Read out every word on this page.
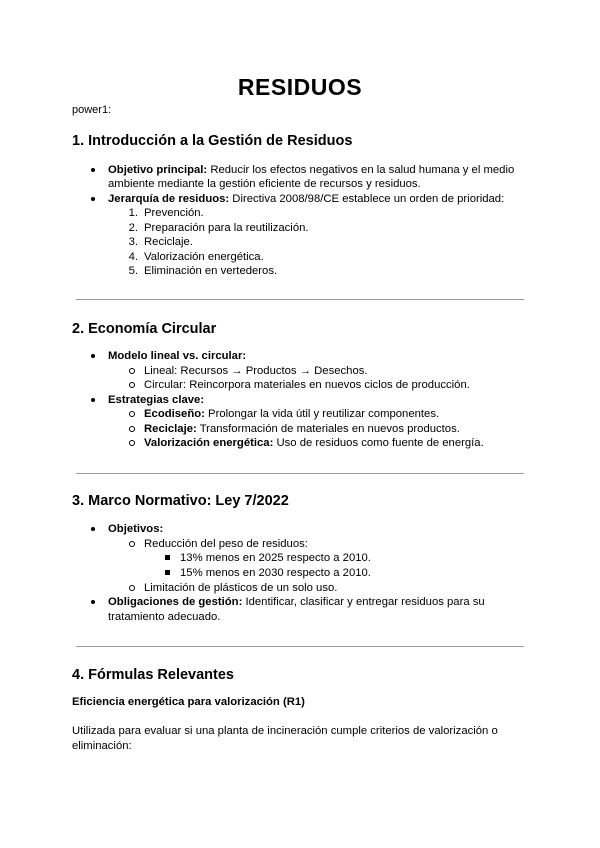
RESIDUOS
power1:
1. Introducción a la Gestión de Residuos
Objetivo principal: Reducir los efectos negativos en la salud humana y el medio
ambiente mediante la gestión eficiente de recursos y residuos.
Jerarquía de residuos: Directiva 2008/98/CE establece un orden de prioridad:
1. Prevención.
2. Preparación para la reutilización.
3. Reciclaje.
4. Valorización energética.
5. Eliminación en vertederos.
2. Economía Circular
Modelo lineal vs. circular:
Lineal: Recursos → Productos → Desechos.
Circular: Reincorpora materiales en nuevos ciclos de producción.
Estrategias clave:
Ecodiseño: Prolongar la vida útil y reutilizar componentes.
Reciclaje: Transformación de materiales en nuevos productos.
Valorización energética: Uso de residuos como fuente de energía.
3. Marco Normativo: Ley 7/2022
Objetivos:
Reducción del peso de residuos:
13% menos en 2025 respecto a 2010.
15% menos en 2030 respecto a 2010.
Limitación de plásticos de un solo uso.
Obligaciones de gestión: Identificar, clasificar y entregar residuos para su
tratamiento adecuado.
4. Fórmulas Relevantes
Eficiencia energética para valorización (R1)
Utilizada para evaluar si una planta de incineración cumple criterios de valorización o
eliminación:
